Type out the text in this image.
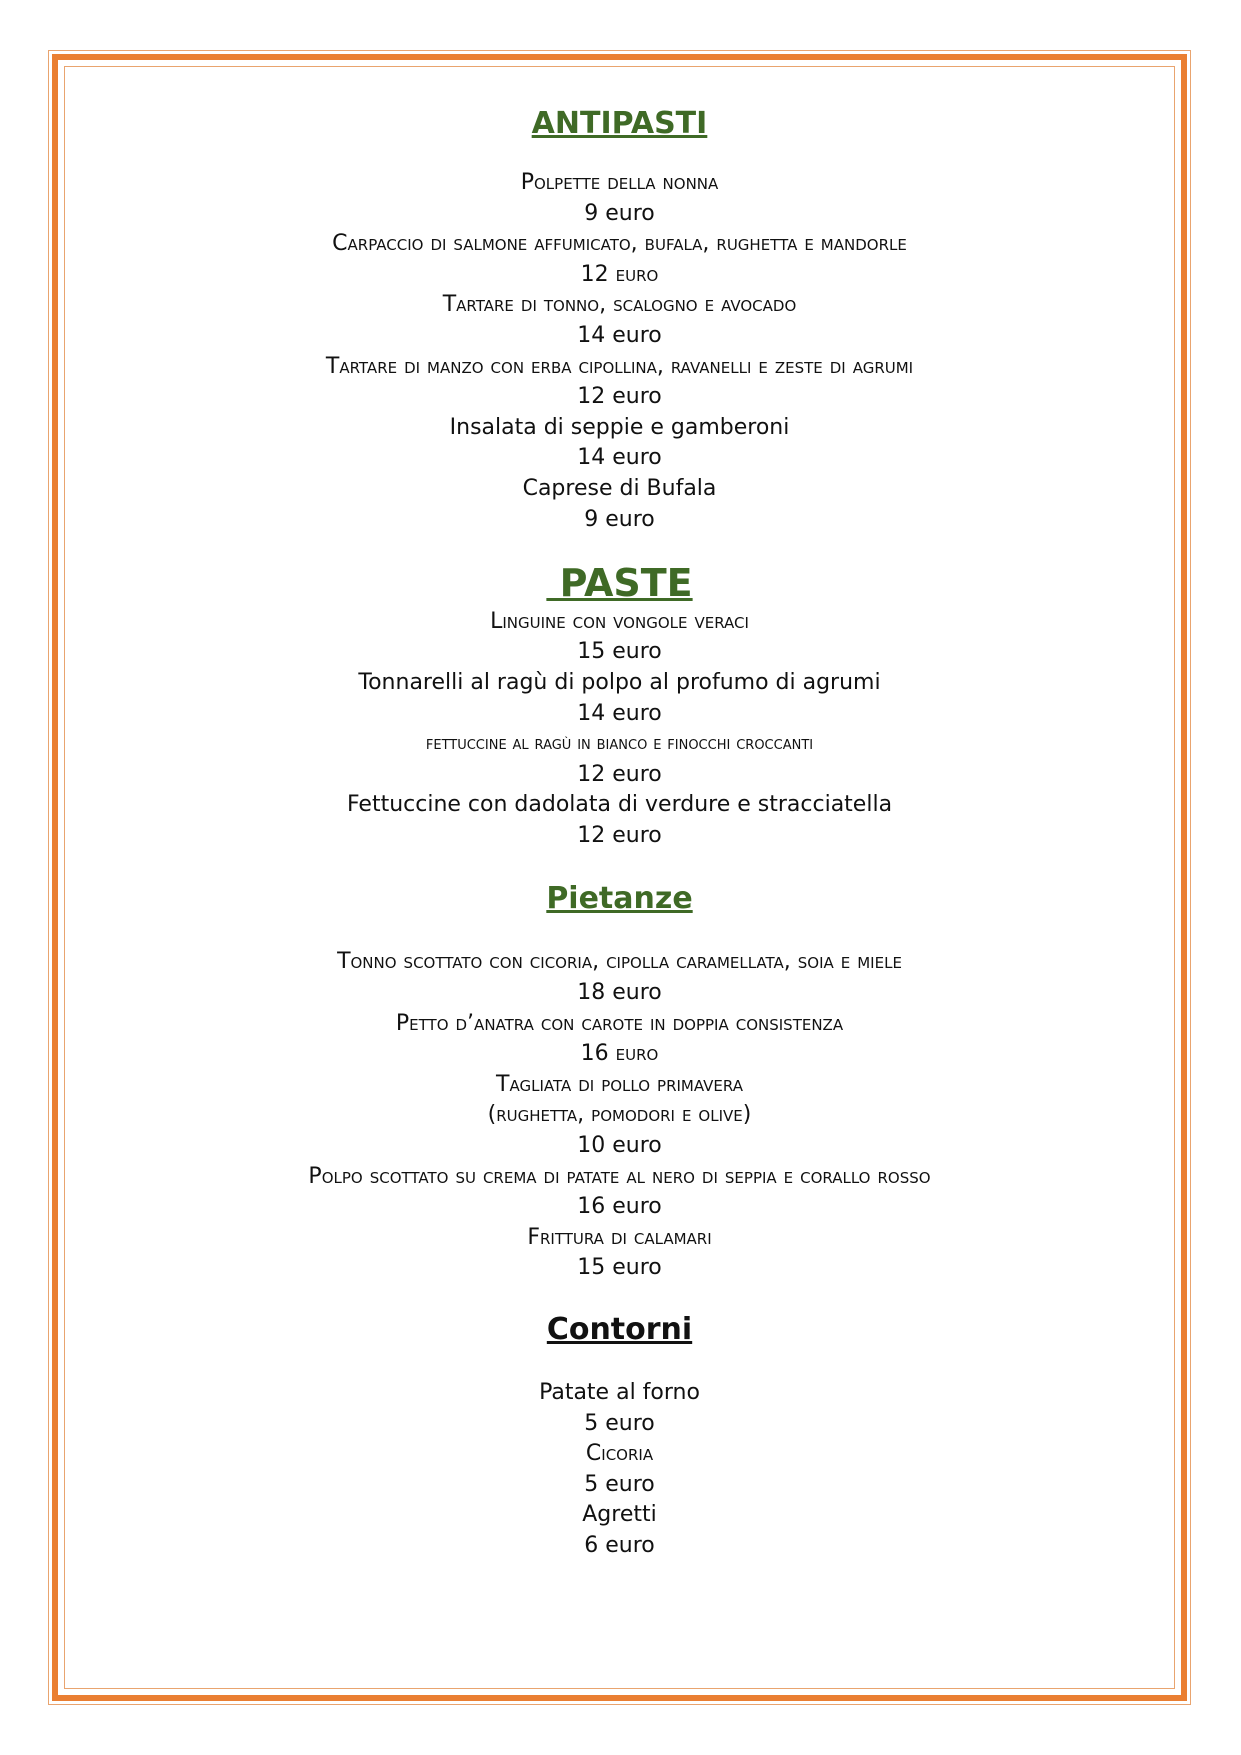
ANTIPASTI

Polpette della nonna

9 euro

Carpaccio di salmone affumicato, bufala, rughetta e mandorle

12 euro

Tartare di tonno, scalogno e avocado

14 euro

Tartare di manzo con erba cipollina, ravanelli e zeste di agrumi

12 euro

Insalata di seppie e gamberoni

14 euro

Caprese di Bufala

9 euro

PASTE

Linguine con vongole veraci

15 euro

Tonnarelli al ragù di polpo al profumo di agrumi

14 euro

fettuccine al ragù in bianco e finocchi croccanti

12 euro

Fettuccine con dadolata di verdure e stracciatella

12 euro

Pietanze

Tonno scottato con cicoria, cipolla caramellata, soia e miele

18 euro

Petto d’anatra con carote in doppia consistenza

16 euro

Tagliata di pollo primavera

(rughetta, pomodori e olive)

10 euro

Polpo scottato su crema di patate al nero di seppia e corallo rosso

16 euro

Frittura di calamari

15 euro

Contorni

Patate al forno

5 euro

Cicoria

5 euro

Agretti

6 euro
